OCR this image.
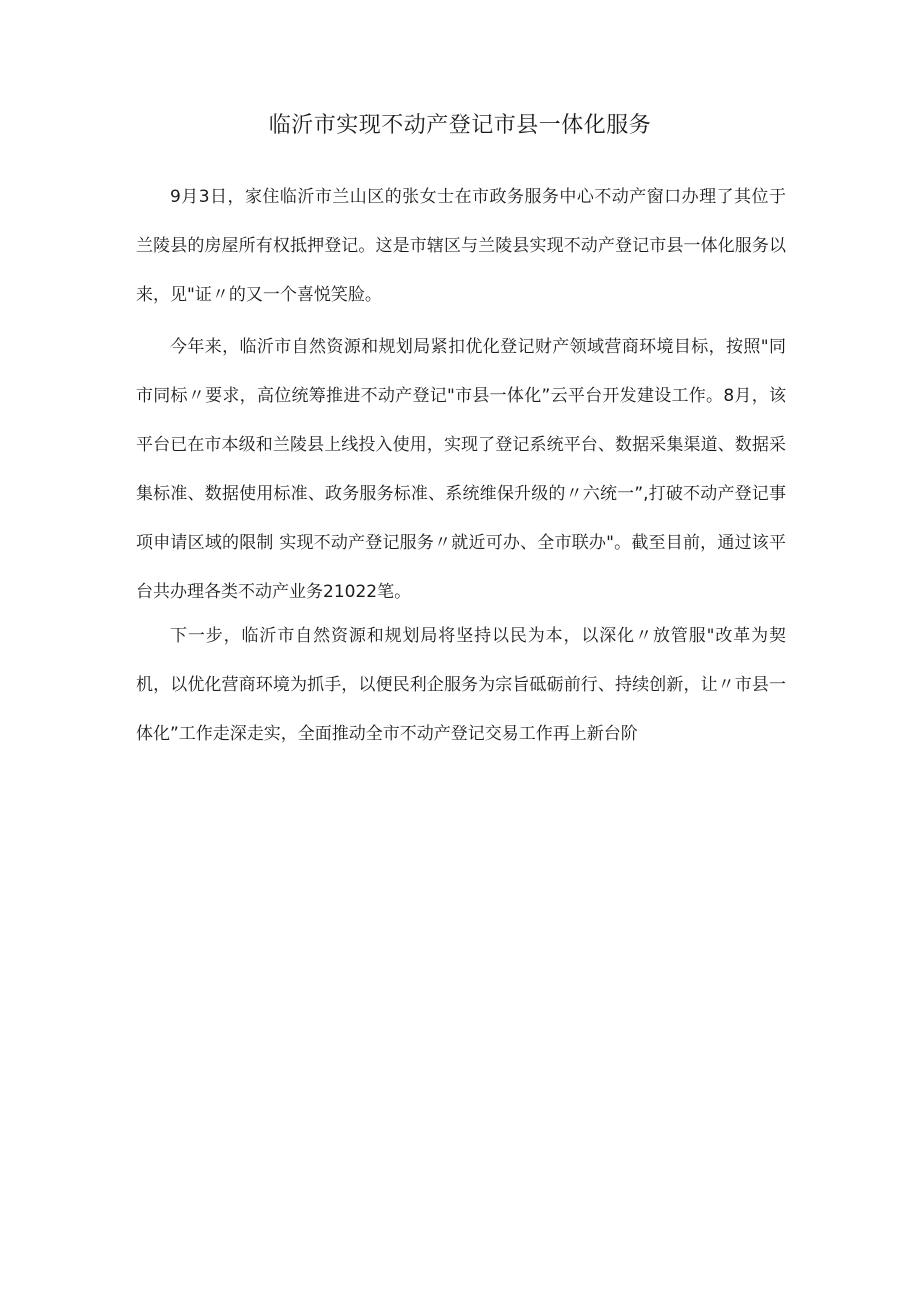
临沂市实现不动产登记市县一体化服务

9月3日，家住临沂市兰山区的张女士在市政务服务中心不动产窗口办理了其位于兰陵县的房屋所有权抵押登记。这是市辖区与兰陵县实现不动产登记市县一体化服务以来，见"证〃的又一个喜悦笑脸。

今年来，临沂市自然资源和规划局紧扣优化登记财产领域营商环境目标，按照"同市同标〃要求，高位统筹推进不动产登记"市县一体化”云平台开发建设工作。8月，该平台已在市本级和兰陵县上线投入使用，实现了登记系统平台、数据采集渠道、数据采集标准、数据使用标准、政务服务标准、系统维保升级的〃六统一”,打破不动产登记事项申请区域的限制 实现不动产登记服务〃就近可办、全市联办"。截至目前，通过该平台共办理各类不动产业务21022笔。

下一步，临沂市自然资源和规划局将坚持以民为本，以深化〃放管服"改革为契机，以优化营商环境为抓手，以便民利企服务为宗旨砥砺前行、持续创新，让〃市县一体化”工作走深走实，全面推动全市不动产登记交易工作再上新台阶
